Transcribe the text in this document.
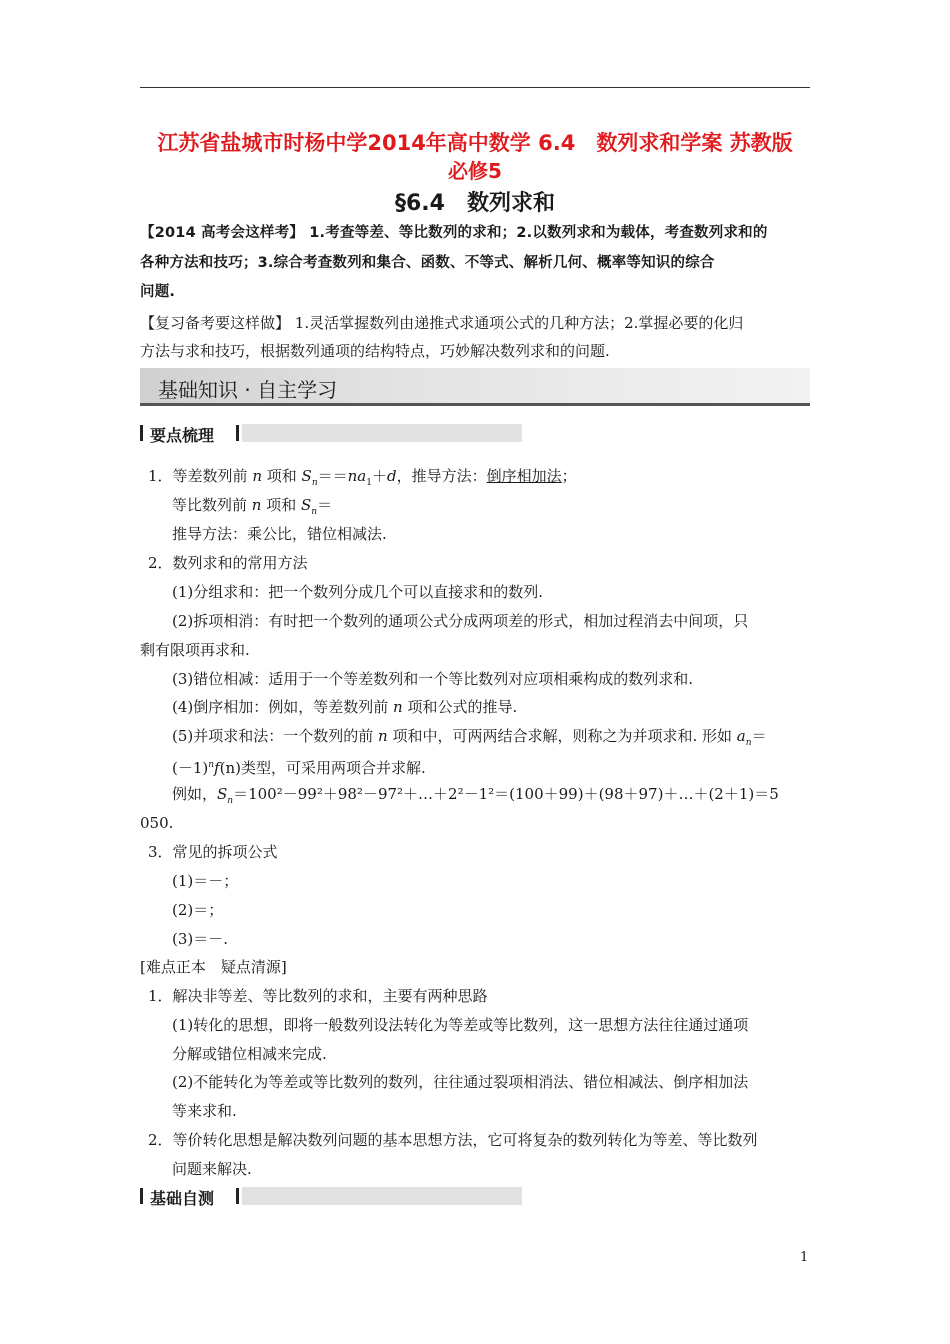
江苏省盐城市时杨中学2014年高中数学 6.4　数列求和学案 苏教版
必修5
§6.4　数列求和
【2014 高考会这样考】 1.考查等差、等比数列的求和；2.以数列求和为载体，考查数列求和的
各种方法和技巧；3.综合考查数列和集合、函数、不等式、解析几何、概率等知识的综合
问题.
【复习备考要这样做】 1.灵活掌握数列由递推式求通项公式的几种方法；2.掌握必要的化归
方法与求和技巧，根据数列通项的结构特点，巧妙解决数列求和的问题.
基础知识 · 自主学习
要点梳理
1．等差数列前 n 项和 $S_n==na_1+d$，推导方法：倒序相加法；
等比数列前 n 项和 $S_n=$
推导方法：乘公比，错位相减法.
2．数列求和的常用方法
(1)分组求和：把一个数列分成几个可以直接求和的数列.
(2)拆项相消：有时把一个数列的通项公式分成两项差的形式，相加过程消去中间项，只
剩有限项再求和.
(3)错位相减：适用于一个等差数列和一个等比数列对应项相乘构成的数列求和.
(4)倒序相加：例如，等差数列前 n 项和公式的推导.
(5)并项求和法：一个数列的前 n 项和中，可两两结合求解，则称之为并项求和. 形如 $a_n=$
$(-1)^nf(n)$类型，可采用两项合并求解.
例如，$S_n=100^2-99^2+98^2-97^2+\dots+2^2-1^2=(100+99)+(98+97)+\dots+(2+1)=5$
050.
3．常见的拆项公式
(1)＝－；
(2)＝；
(3)＝－.
[难点正本　疑点清源]
1．解决非等差、等比数列的求和，主要有两种思路
(1)转化的思想，即将一般数列设法转化为等差或等比数列，这一思想方法往往通过通项
分解或错位相减来完成.
(2)不能转化为等差或等比数列的数列，往往通过裂项相消法、错位相减法、倒序相加法
等来求和.
2．等价转化思想是解决数列问题的基本思想方法，它可将复杂的数列转化为等差、等比数列
问题来解决.
基础自测
1
